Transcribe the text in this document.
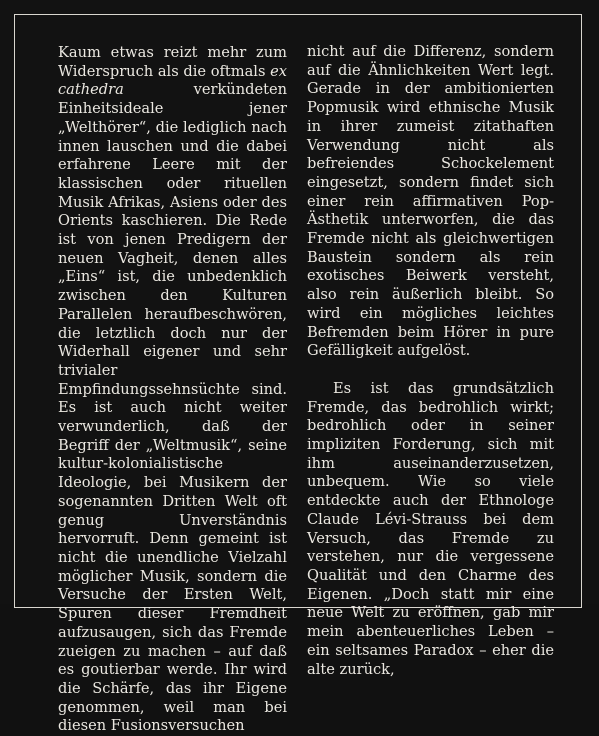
Kaum etwas reizt mehr zum Widerspruch als die oftmals ex cathedra verkündeten Einheitsideale jener „Welthörer“, die lediglich nach innen lauschen und die dabei erfahrene Leere mit der klassischen oder rituellen Musik Afrikas, Asiens oder des Orients kaschieren. Die Rede ist von jenen Predigern der neuen Vagheit, denen alles „Eins“ ist, die unbedenklich zwischen den Kulturen Parallelen heraufbeschwören, die letztlich doch nur der Widerhall eigener und sehr trivialer Empfindungssehnsüchte sind. Es ist auch nicht weiter verwunderlich, daß der Begriff der „Weltmusik“, seine kultur-kolonialistische Ideologie, bei Musikern der sogenannten Dritten Welt oft genug Unverständnis hervorruft. Denn gemeint ist nicht die unendliche Vielzahl möglicher Musik, sondern die Versuche der Ersten Welt, Spuren dieser Fremdheit aufzusaugen, sich das Fremde zueigen zu machen – auf daß es goutierbar werde. Ihr wird die Schärfe, das ihr Eigene genommen, weil man bei diesen Fusionsversuchen

nicht auf die Differenz, sondern auf die Ähnlichkeiten Wert legt. Gerade in der ambitionierten Popmusik wird ethnische Musik in ihrer zumeist zitathaften Verwendung nicht als befreiendes Schockelement eingesetzt, sondern findet sich einer rein affirmativen Pop-Ästhetik unterworfen, die das Fremde nicht als gleichwertigen Baustein sondern als rein exotisches Beiwerk versteht, also rein äußerlich bleibt. So wird ein mögliches leichtes Befremden beim Hörer in pure Gefälligkeit aufgelöst.

Es ist das grundsätzlich Fremde, das bedrohlich wirkt; bedrohlich oder in seiner impliziten Forderung, sich mit ihm auseinanderzusetzen, unbequem. Wie so viele entdeckte auch der Ethnologe Claude Lévi-Strauss bei dem Versuch, das Fremde zu verstehen, nur die vergessene Qualität und den Charme des Eigenen. „Doch statt mir eine neue Welt zu eröffnen, gab mir mein abenteuerliches Leben – ein seltsames Paradox – eher die alte zurück,
